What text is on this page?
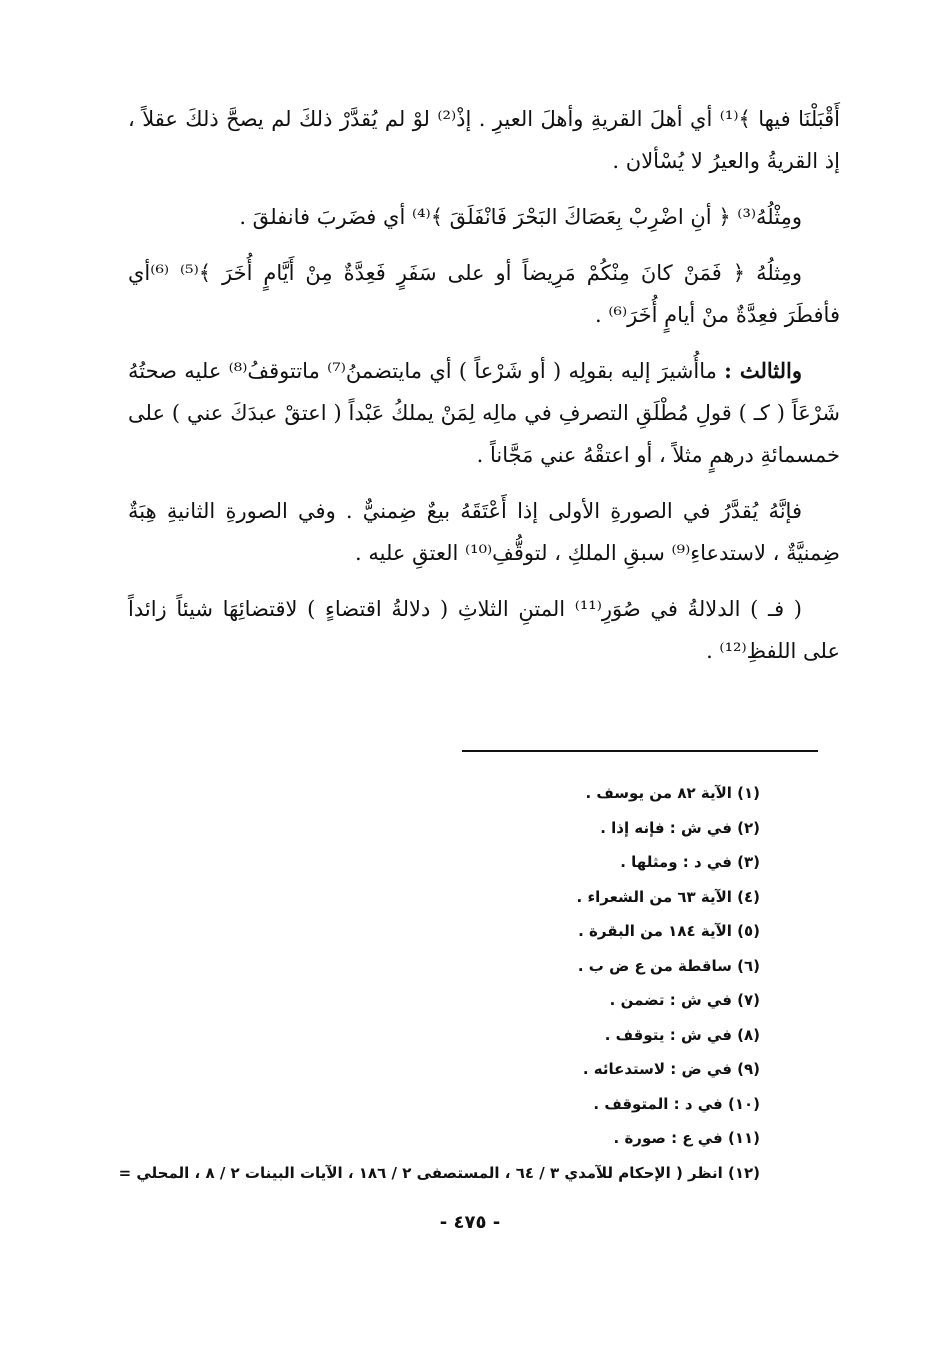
أَقْبَلْنَا فيها ﴾⁽¹⁾ أي أهلَ القريةِ وأهلَ العيرِ . إذْ⁽²⁾ لوْ لم يُقدَّرْ ذلكَ لم يصحَّ ذلكَ عقلاً ، إذ القريةُ والعيرُ لا يُسْألان .

ومِثْلُهُ⁽³⁾ ﴿ أنِ اضْرِبْ بِعَصَاكَ البَحْرَ فَانْفَلَقَ ﴾⁽⁴⁾ أي فضَربَ فانفلقَ .

ومِثلُهُ ﴿ فَمَنْ كانَ مِنْكُمْ مَرِيضاً أو على سَفَرٍ فَعِدَّةٌ مِنْ أَيَّامٍ أُخَرَ ﴾⁽⁵⁾ ⁽⁶⁾أي فأفطَرَ فعِدَّةٌ منْ أيامٍ أُخَرَ⁽⁶⁾ .

والثالث : ماأُشيرَ إليه بقولِه ( أو شَرْعاً ) أي مايتضمنُ⁽⁷⁾ ماتتوقفُ⁽⁸⁾ عليه صحتُهُ شَرْعَاً ( كـ ) قولِ مُطْلَقِ التصرفِ في مالِه لِمَنْ يملكُ عَبْداً ( اعتقْ عبدَكَ عني ) على خمسمائةِ درهمٍ مثلاً ، أو اعتقْهُ عني مَجَّاناً .

فإنَّهُ يُقدَّرُ في الصورةِ الأولى إذا أَعْتَقَهُ بيعٌ ضِمنيٌّ . وفي الصورةِ الثانيةِ هِبَةٌ ضِمنيَّةٌ ، لاستدعاءِ⁽⁹⁾ سبقِ الملكِ ، لتوقُّفِ⁽¹⁰⁾ العتقِ عليه .

( فـ ) الدلالةُ في صُوَرِ⁽¹¹⁾ المتنِ الثلاثِ ( دلالةُ اقتضاءٍ ) لاقتضائِهَا شيئاً زائداً على اللفظِ⁽¹²⁾ .

(١) الآية ٨٢ من يوسف .
(٢) في ش : فإنه إذا .
(٣) في د : ومثلها .
(٤) الآية ٦٣ من الشعراء .
(٥) الآية ١٨٤ من البقرة .
(٦) ساقطة من ع ض ب .
(٧) في ش : تضمن .
(٨) في ش : يتوقف .
(٩) في ض : لاستدعائه .
(١٠) في د : المتوقف .
(١١) في ع : صورة .
(١٢) انظر ( الإحكام للآمدي ٣ / ٦٤ ، المستصفى ٢ / ١٨٦ ، الآيات البينات ٢ / ٨ ، المحلي =
- ٤٧٥ -
